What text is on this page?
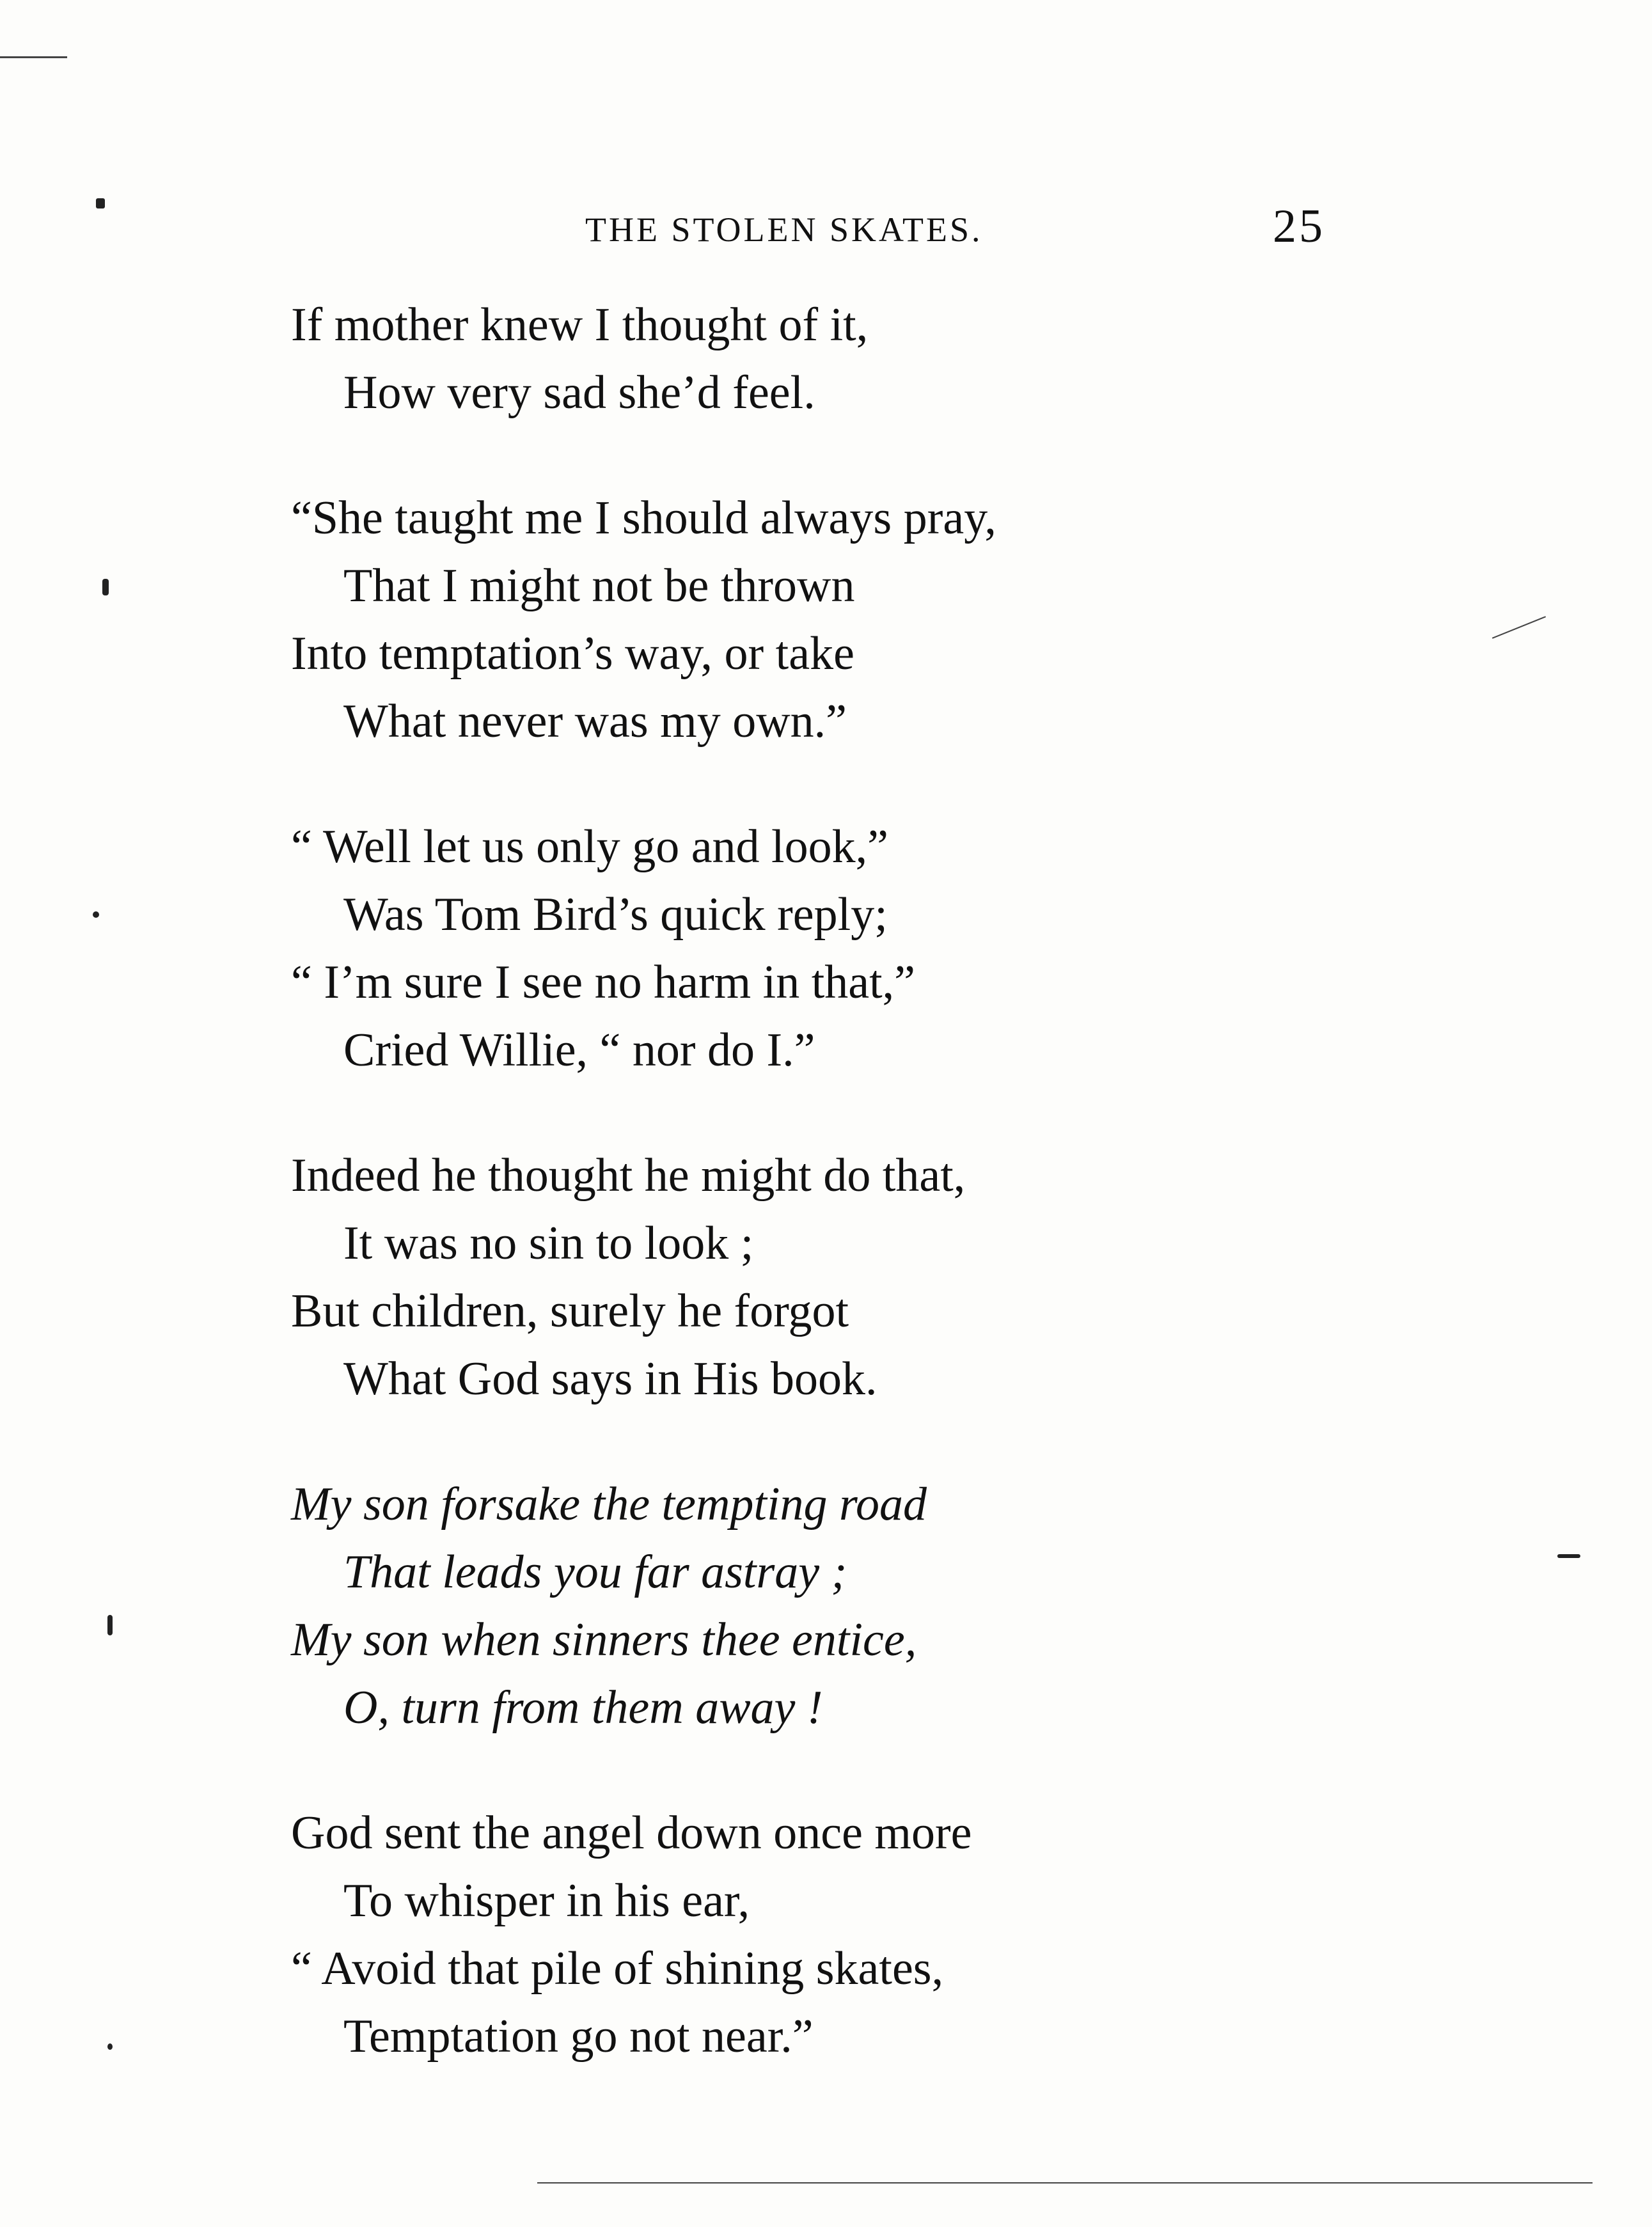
THE STOLEN SKATES.	25
If mother knew I thought of it,
How very sad she’d feel.
“She taught me I should always pray,
That I might not be thrown
Into temptation’s way, or take
What never was my own.”
“ Well let us only go and look,”
Was Tom Bird’s quick reply;
“ I’m sure I see no harm in that,”
Cried Willie, “ nor do I.”
Indeed he thought he might do that,
It was no sin to look ;
But children, surely he forgot
What God says in His book.
My son forsake the tempting road
That leads you far astray ;
My son when sinners thee entice,
O, turn from them away !
God sent the angel down once more
To whisper in his ear,
“ Avoid that pile of shining skates,
Temptation go not near.”
